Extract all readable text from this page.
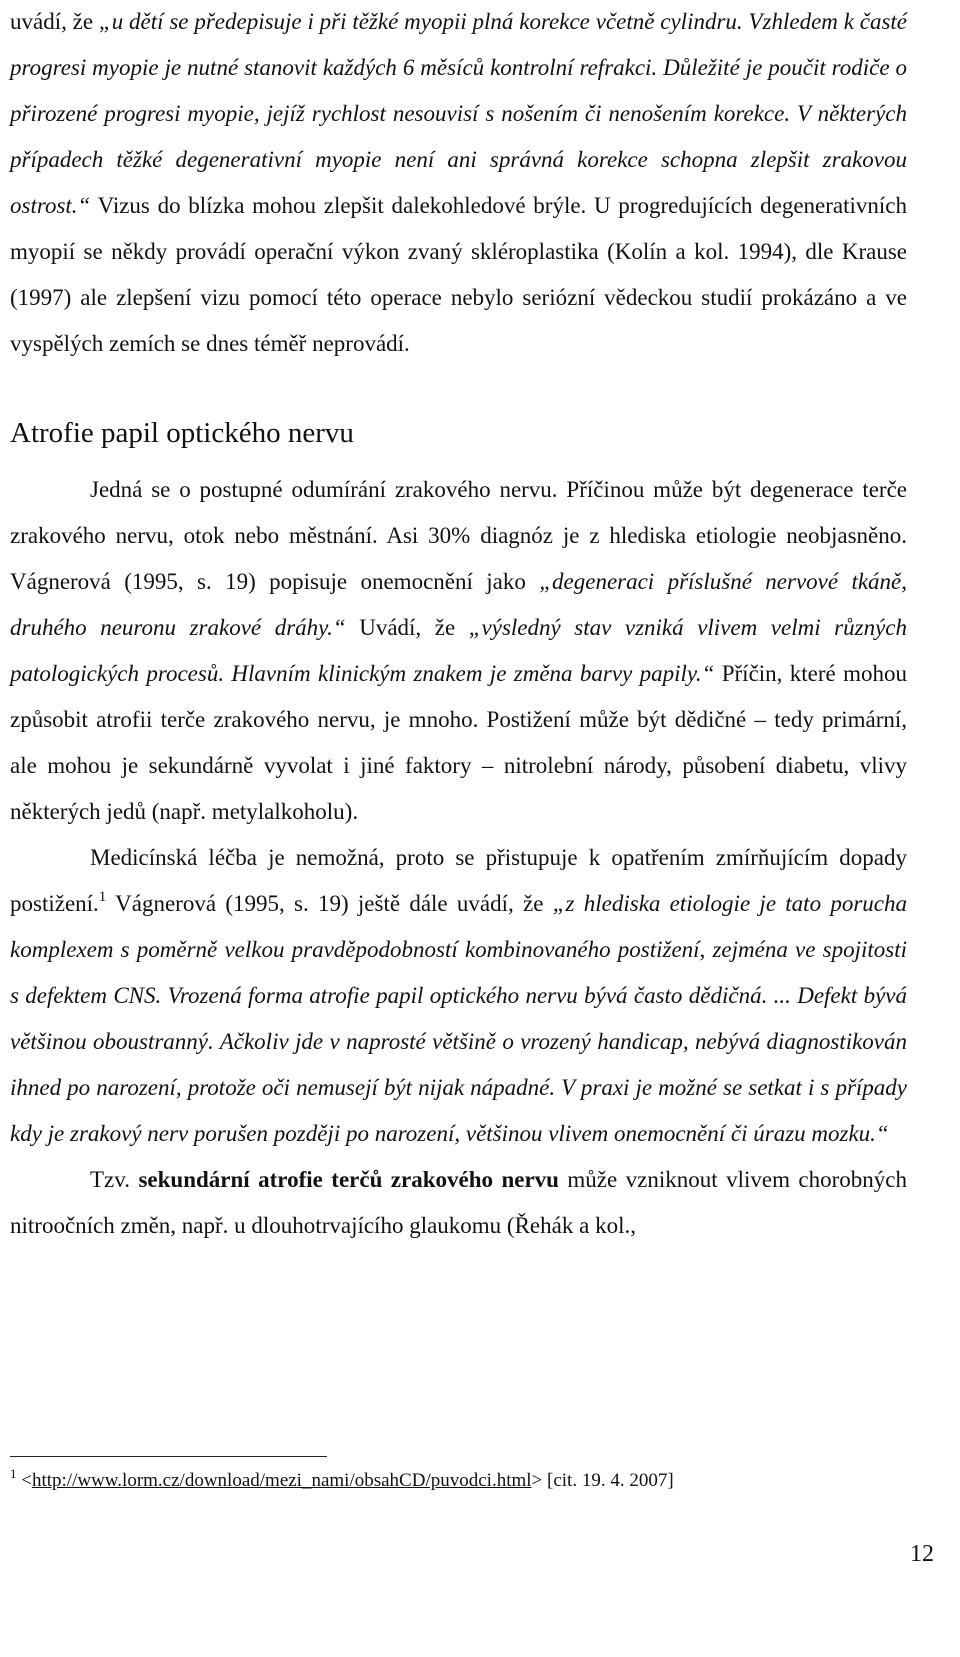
uvádí, že „u dětí se předepisuje i při těžké myopii plná korekce včetně cylindru. Vzhledem k časté progresi myopie je nutné stanovit každých 6 měsíců kontrolní refrakci. Důležité je poučit rodiče o přirozené progresi myopie, jejíž rychlost nesouvisí s nošením či nenošením korekce. V některých případech těžké degenerativní myopie není ani správná korekce schopna zlepšit zrakovou ostrost.“ Vizus do blízka mohou zlepšit dalekohledové brýle. U progredujících degenerativních myopií se někdy provádí operační výkon zvaný skléroplastika (Kolín a kol. 1994), dle Krause (1997) ale zlepšení vizu pomocí této operace nebylo seriózní vědeckou studií prokázáno a ve vyspělých zemích se dnes téměř neprovádí.

Atrofie papil optického nervu

Jedná se o postupné odumírání zrakového nervu. Příčinou může být degenerace terče zrakového nervu, otok nebo městnání. Asi 30% diagnóz je z hlediska etiologie neobjasněno. Vágnerová (1995, s. 19) popisuje onemocnění jako „degeneraci příslušné nervové tkáně, druhého neuronu zrakové dráhy.“ Uvádí, že „výsledný stav vzniká vlivem velmi různých patologických procesů. Hlavním klinickým znakem je změna barvy papily.“ Příčin, které mohou způsobit atrofii terče zrakového nervu, je mnoho. Postižení může být dědičné – tedy primární, ale mohou je sekundárně vyvolat i jiné faktory – nitrolební národy, působení diabetu, vlivy některých jedů (např. metylalkoholu).

Medicínská léčba je nemožná, proto se přistupuje k opatřením zmírňujícím dopady postižení.$^1$ Vágnerová (1995, s. 19) ještě dále uvádí, že „z hlediska etiologie je tato porucha komplexem s poměrně velkou pravděpodobností kombinovaného postižení, zejména ve spojitosti s defektem CNS. Vrozená forma atrofie papil optického nervu bývá často dědičná. ... Defekt bývá většinou oboustranný. Ačkoliv jde v naprosté většině o vrozený handicap, nebývá diagnostikován ihned po narození, protože oči nemusejí být nijak nápadné. V praxi je možné se setkat i s případy kdy je zrakový nerv porušen později po narození, většinou vlivem onemocnění či úrazu mozku.“

Tzv. sekundární atrofie terčů zrakového nervu může vzniknout vlivem chorobných nitroočních změn, např. u dlouhotrvajícího glaukomu (Řehák a kol.,

$^1$ <http://www.lorm.cz/download/mezi_nami/obsahCD/puvodci.html> [cit. 19. 4. 2007]

12
